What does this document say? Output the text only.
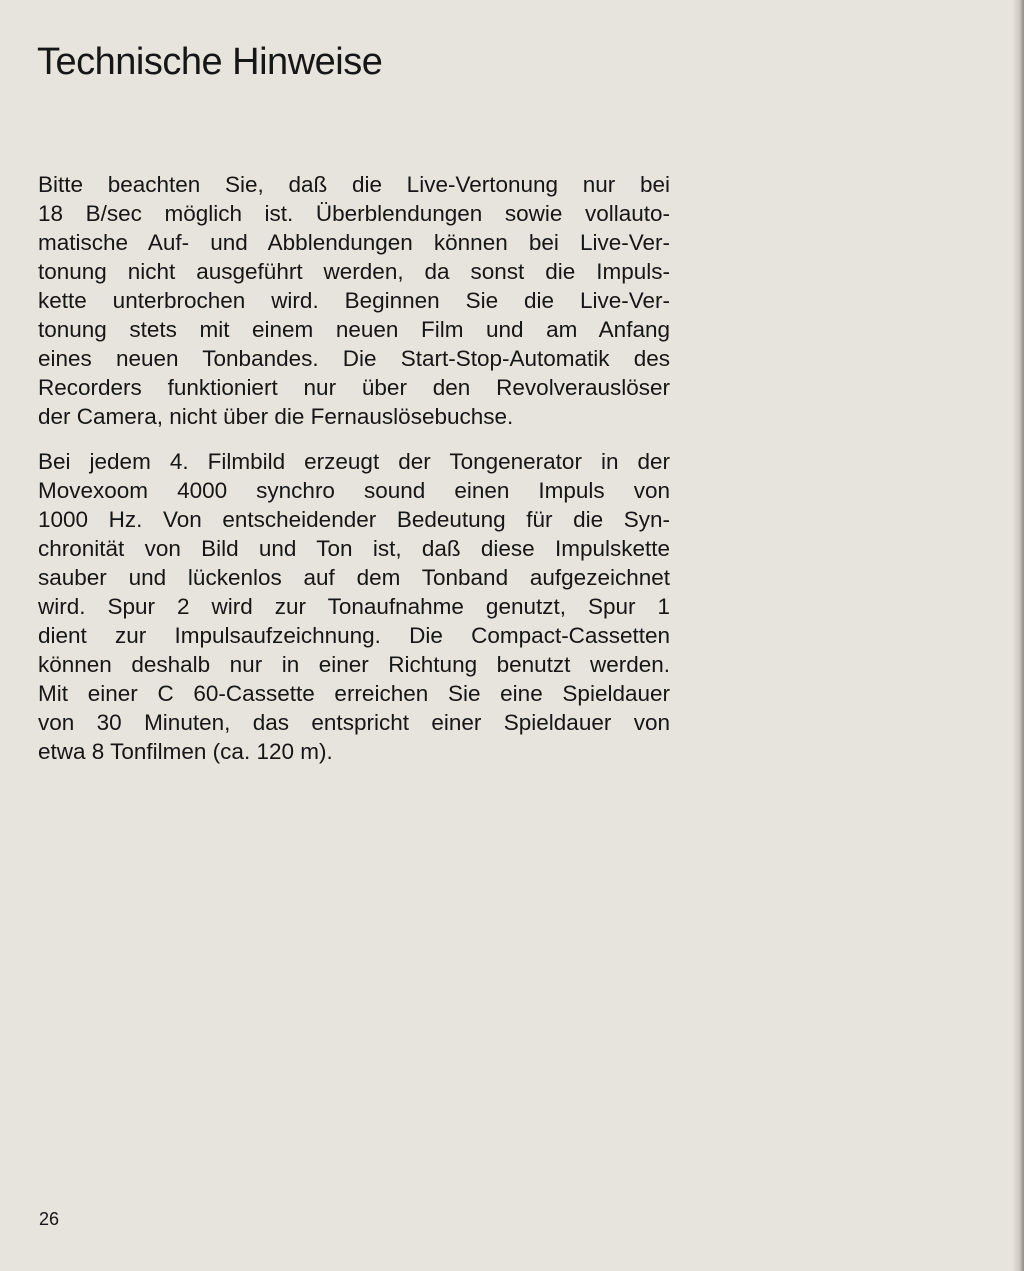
Technische Hinweise

Bitte beachten Sie, daß die Live-Vertonung nur bei
18 B/sec möglich ist. Überblendungen sowie vollauto-
matische Auf- und Abblendungen können bei Live-Ver-
tonung nicht ausgeführt werden, da sonst die Impuls-
kette unterbrochen wird. Beginnen Sie die Live-Ver-
tonung stets mit einem neuen Film und am Anfang
eines neuen Tonbandes. Die Start-Stop-Automatik des
Recorders funktioniert nur über den Revolverauslöser
der Camera, nicht über die Fernauslösebuchse.

Bei jedem 4. Filmbild erzeugt der Tongenerator in der
Movexoom 4000 synchro sound einen Impuls von
1000 Hz. Von entscheidender Bedeutung für die Syn-
chronität von Bild und Ton ist, daß diese Impulskette
sauber und lückenlos auf dem Tonband aufgezeichnet
wird. Spur 2 wird zur Tonaufnahme genutzt, Spur 1
dient zur Impulsaufzeichnung. Die Compact-Cassetten
können deshalb nur in einer Richtung benutzt werden.
Mit einer C 60-Cassette erreichen Sie eine Spieldauer
von 30 Minuten, das entspricht einer Spieldauer von
etwa 8 Tonfilmen (ca. 120 m).

26
